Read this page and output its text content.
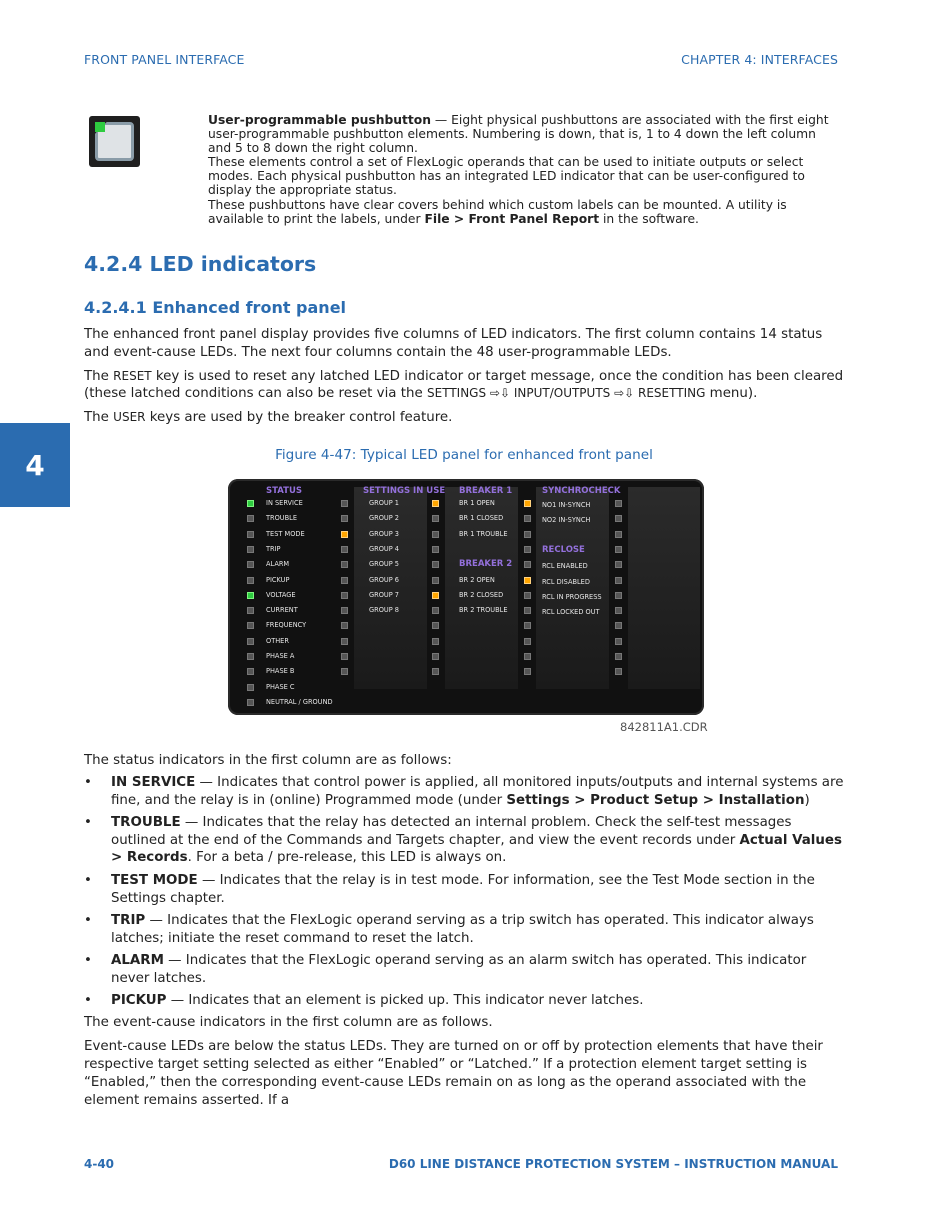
FRONT PANEL INTERFACE	CHAPTER 4: INTERFACES

User-programmable pushbutton — Eight physical pushbuttons are associated with the first eight user-programmable pushbutton elements. Numbering is down, that is, 1 to 4 down the left column and 5 to 8 down the right column.

These elements control a set of FlexLogic operands that can be used to initiate outputs or select modes. Each physical pushbutton has an integrated LED indicator that can be user-configured to display the appropriate status.

These pushbuttons have clear covers behind which custom labels can be mounted. A utility is available to print the labels, under File > Front Panel Report in the software.

4.2.4 LED indicators
4.2.4.1 Enhanced front panel

The enhanced front panel display provides five columns of LED indicators. The first column contains 14 status and event-cause LEDs. The next four columns contain the 48 user-programmable LEDs.

The RESET key is used to reset any latched LED indicator or target message, once the condition has been cleared (these latched conditions can also be reset via the SETTINGS ⇨⇩ INPUT/OUTPUTS ⇨⇩ RESETTING menu).

The USER keys are used by the breaker control feature.

4	Figure 4-47: Typical LED panel for enhanced front panel
STATUS	SETTINGS IN USE BREAKER 1
BREAKER 2
SYNCHROCHECK
RECLOSE
IN SERVICE
TROUBLE
TEST MODE
TRIP
ALARM
PICKUP
VOLTAGE
CURRENT
FREQUENCY
OTHER
PHASE A
PHASE B
PHASE C
NEUTRAL / GROUND
GROUP 1
GROUP 2
GROUP 3
GROUP 4
GROUP 5
GROUP 6
GROUP 7
GROUP 8
BR 1 OPEN
BR 1 CLOSED
BR 1 TROUBLE
BR 2 OPEN
BR 2 CLOSED
BR 2 TROUBLE
NO1 IN-SYNCH
NO2 IN-SYNCH
RCL ENABLED
RCL DISABLED
RCL IN PROGRESS
RCL LOCKED OUT
842811A1.CDR

The status indicators in the first column are as follows:

• IN SERVICE — Indicates that control power is applied, all monitored inputs/outputs and internal systems are fine, and the relay is in (online) Programmed mode (under Settings > Product Setup > Installation)
• TROUBLE — Indicates that the relay has detected an internal problem. Check the self-test messages outlined at the end of the Commands and Targets chapter, and view the event records under Actual Values > Records. For a beta / pre-release, this LED is always on.
• TEST MODE — Indicates that the relay is in test mode. For information, see the Test Mode section in the Settings chapter.
• TRIP — Indicates that the FlexLogic operand serving as a trip switch has operated. This indicator always latches; initiate the reset command to reset the latch.
• ALARM — Indicates that the FlexLogic operand serving as an alarm switch has operated. This indicator never latches.
• PICKUP — Indicates that an element is picked up. This indicator never latches.

The event-cause indicators in the first column are as follows.

Event-cause LEDs are below the status LEDs. They are turned on or off by protection elements that have their respective target setting selected as either “Enabled” or “Latched.” If a protection element target setting is “Enabled,” then the corresponding event-cause LEDs remain on as long as the operand associated with the element remains asserted. If a

4-40	D60 LINE DISTANCE PROTECTION SYSTEM – INSTRUCTION MANUAL
